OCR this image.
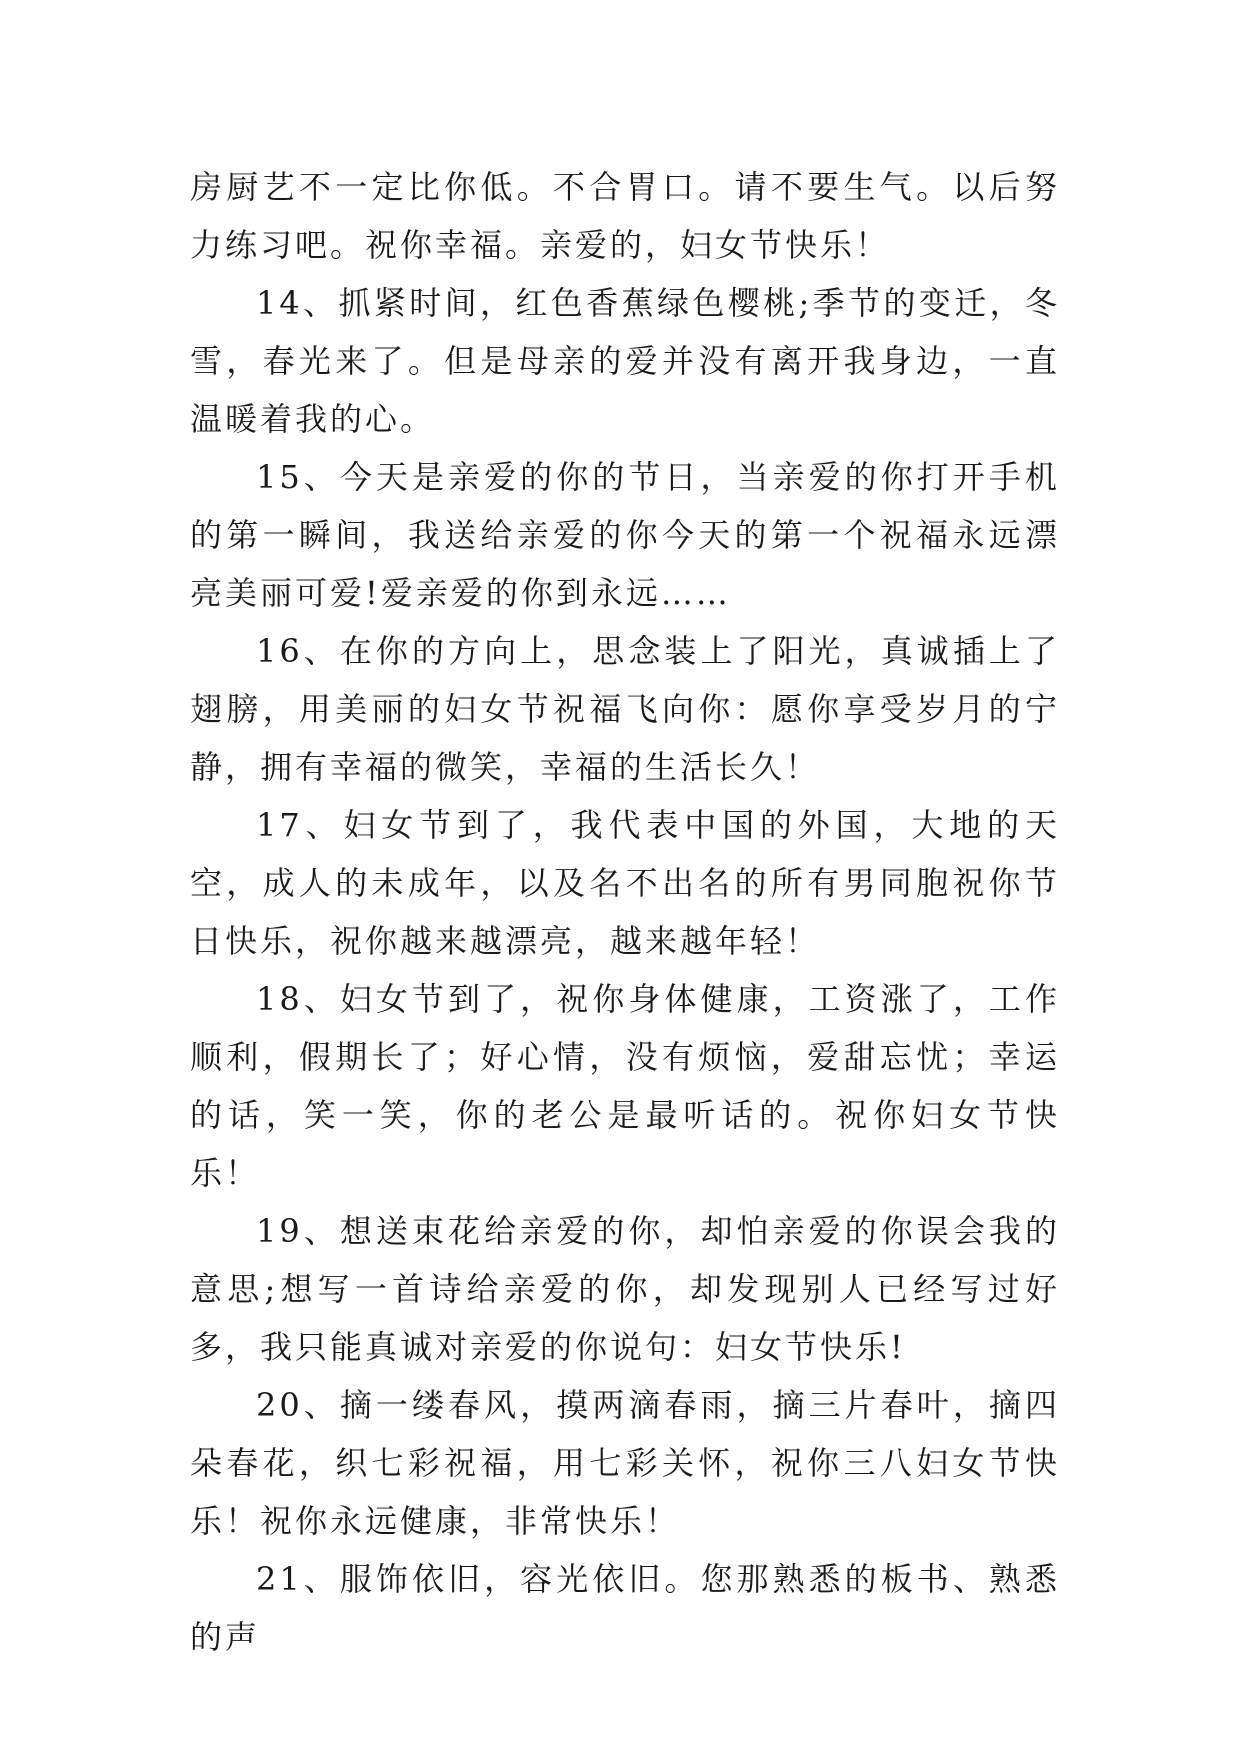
房厨艺不一定比你低。不合胃口。请不要生气。以后努力练习吧。祝你幸福。亲爱的，妇女节快乐！

14、抓紧时间，红色香蕉绿色樱桃;季节的变迁，冬雪，春光来了。但是母亲的爱并没有离开我身边，一直温暖着我的心。

15、今天是亲爱的你的节日，当亲爱的你打开手机的第一瞬间，我送给亲爱的你今天的第一个祝福永远漂亮美丽可爱!爱亲爱的你到永远……

16、在你的方向上，思念装上了阳光，真诚插上了翅膀，用美丽的妇女节祝福飞向你：愿你享受岁月的宁静，拥有幸福的微笑，幸福的生活长久！

17、妇女节到了，我代表中国的外国，大地的天空，成人的未成年，以及名不出名的所有男同胞祝你节日快乐，祝你越来越漂亮，越来越年轻！

18、妇女节到了，祝你身体健康，工资涨了，工作顺利，假期长了；好心情，没有烦恼，爱甜忘忧；幸运的话，笑一笑，你的老公是最听话的。祝你妇女节快乐！

19、想送束花给亲爱的你，却怕亲爱的你误会我的意思;想写一首诗给亲爱的你，却发现别人已经写过好多，我只能真诚对亲爱的你说句：妇女节快乐!

20、摘一缕春风，摸两滴春雨，摘三片春叶，摘四朵春花，织七彩祝福，用七彩关怀，祝你三八妇女节快乐！祝你永远健康，非常快乐！

21、服饰依旧，容光依旧。您那熟悉的板书、熟悉的声
